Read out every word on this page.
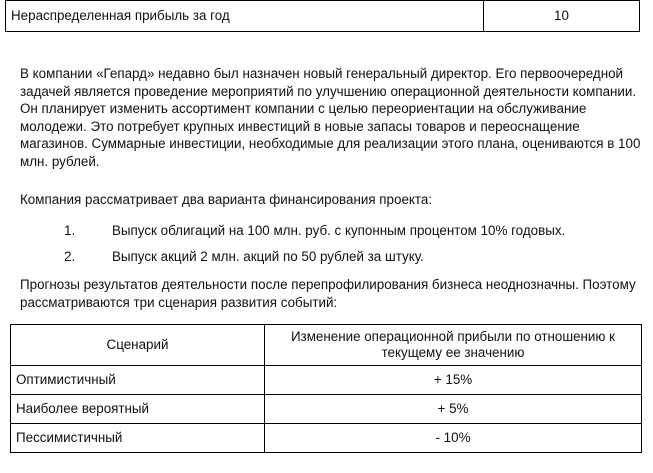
Нераспределенная прибыль за год	10

В компании «Гепард» недавно был назначен новый генеральный директор. Его первоочередной задачей является проведение мероприятий по улучшению операционной деятельности компании. Он планирует изменить ассортимент компании с целью переориентации на обслуживание молодежи. Это потребует крупных инвестиций в новые запасы товаров и переоснащение магазинов. Суммарные инвестиции, необходимые для реализации этого плана, оцениваются в 100 млн. рублей.

Компания рассматривает два варианта финансирования проекта:

1.	Выпуск облигаций на 100 млн. руб. с купонным процентом 10% годовых.
2.	Выпуск акций 2 млн. акций по 50 рублей за штуку.

Прогнозы результатов деятельности после перепрофилирования бизнеса неоднозначны. Поэтому рассматриваются три сценария развития событий:

Сценарий	Изменение операционной прибыли по отношению к текущему ее значению
Оптимистичный	+ 15%
Наиболее вероятный	+ 5%
Пессимистичный	- 10%
